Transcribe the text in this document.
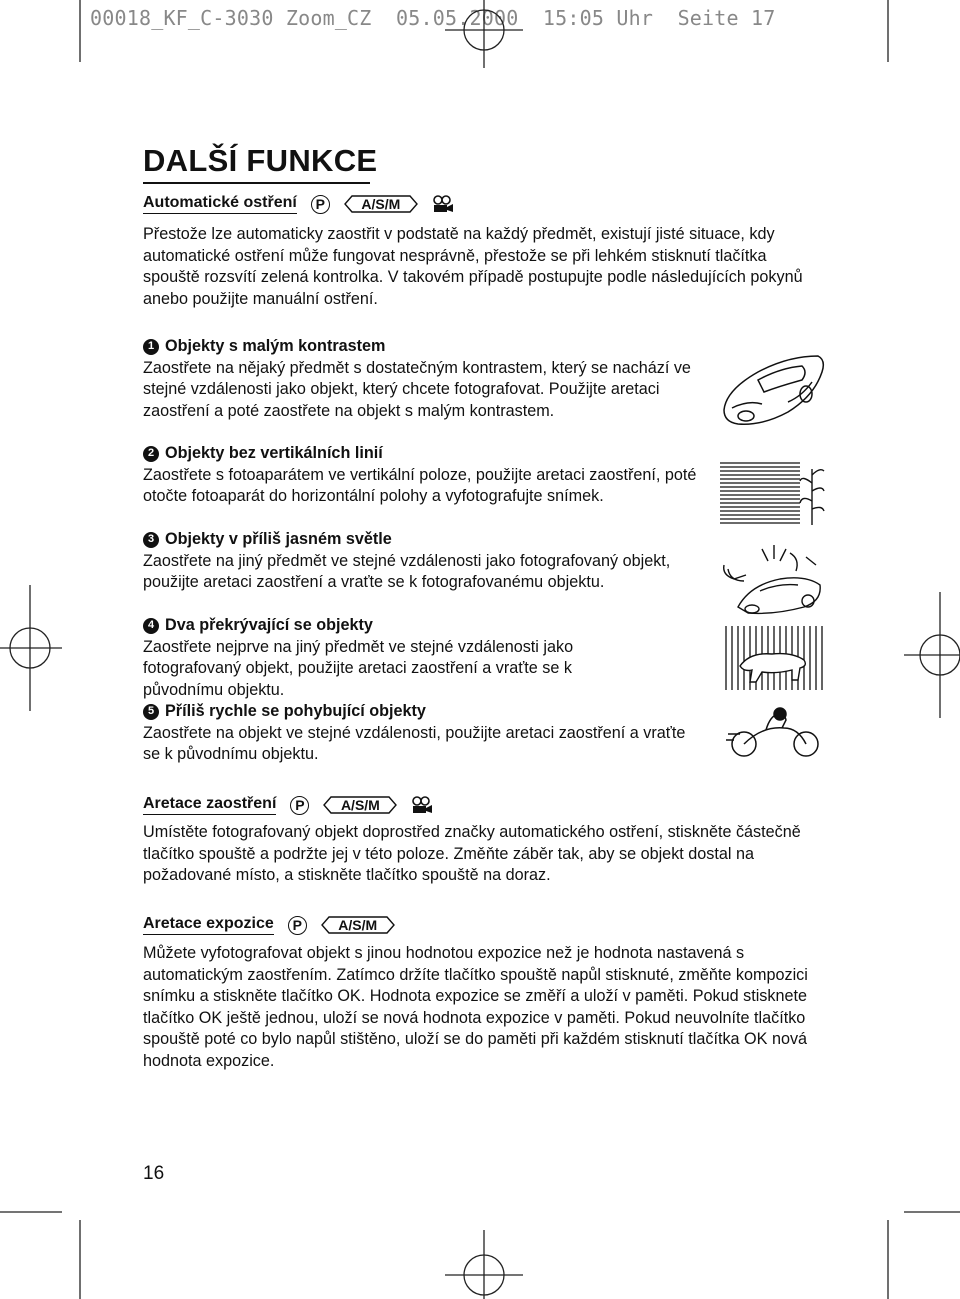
00018_KF_C-3030 Zoom_CZ  05.05.2000  15:05 Uhr  Seite 17
DALŠÍ FUNKCE
Automatické ostření	P	A/S/M

Přestože lze automaticky zaostřit v podstatě na každý předmět, existují jisté situace, kdy automatické ostření může fungovat nesprávně, přestože se při lehkém stisknutí tlačítka spouště rozsvítí zelená kontrolka. V takovém případě postupujte podle následujících pokynů anebo použijte manuální ostření.

1 Objekty s malým kontrastem
Zaostřete na nějaký předmět s dostatečným kontrastem, který se nachází ve stejné vzdálenosti jako objekt, který chcete fotografovat. Použijte aretaci zaostření a poté zaostřete na objekt s malým kontrastem.
2 Objekty bez vertikálních linií
Zaostřete s fotoaparátem ve vertikální poloze, použijte aretaci zaostření, poté otočte fotoaparát do horizontální polohy a vyfotografujte snímek.
3 Objekty v příliš jasném světle
Zaostřete na jiný předmět ve stejné vzdálenosti jako fotografovaný objekt, použijte aretaci zaostření a vraťte se k fotografovanému objektu.
4 Dva překrývající se objekty
Zaostřete nejprve na jiný předmět ve stejné vzdálenosti jako fotografovaný objekt, použijte aretaci zaostření a vraťte se k původnímu objektu.
5 Příliš rychle se pohybující objekty
Zaostřete na objekt ve stejné vzdálenosti, použijte aretaci zaostření a vraťte se k původnímu objektu.
Aretace zaostření	P	A/S/M

Umístěte fotografovaný objekt doprostřed značky automatického ostření, stiskněte částečně tlačítko spouště a podržte jej v této poloze. Změňte záběr tak, aby se objekt dostal na požadované místo, a stiskněte tlačítko spouště na doraz.

Aretace expozice	P	A/S/M

Můžete vyfotografovat objekt s jinou hodnotou expozice než je hodnota nastavená s automatickým zaostřením. Zatímco držíte tlačítko spouště napůl stisknuté, změňte kompozici snímku a stiskněte tlačítko OK. Hodnota expozice se změří a uloží v paměti. Pokud stisknete tlačítko OK ještě jednou, uloží se nová hodnota expozice v paměti. Pokud neuvolníte tlačítko spouště poté co bylo napůl stištěno, uloží se do paměti při každém stisknutí tlačítka OK nová hodnota expozice.

16
